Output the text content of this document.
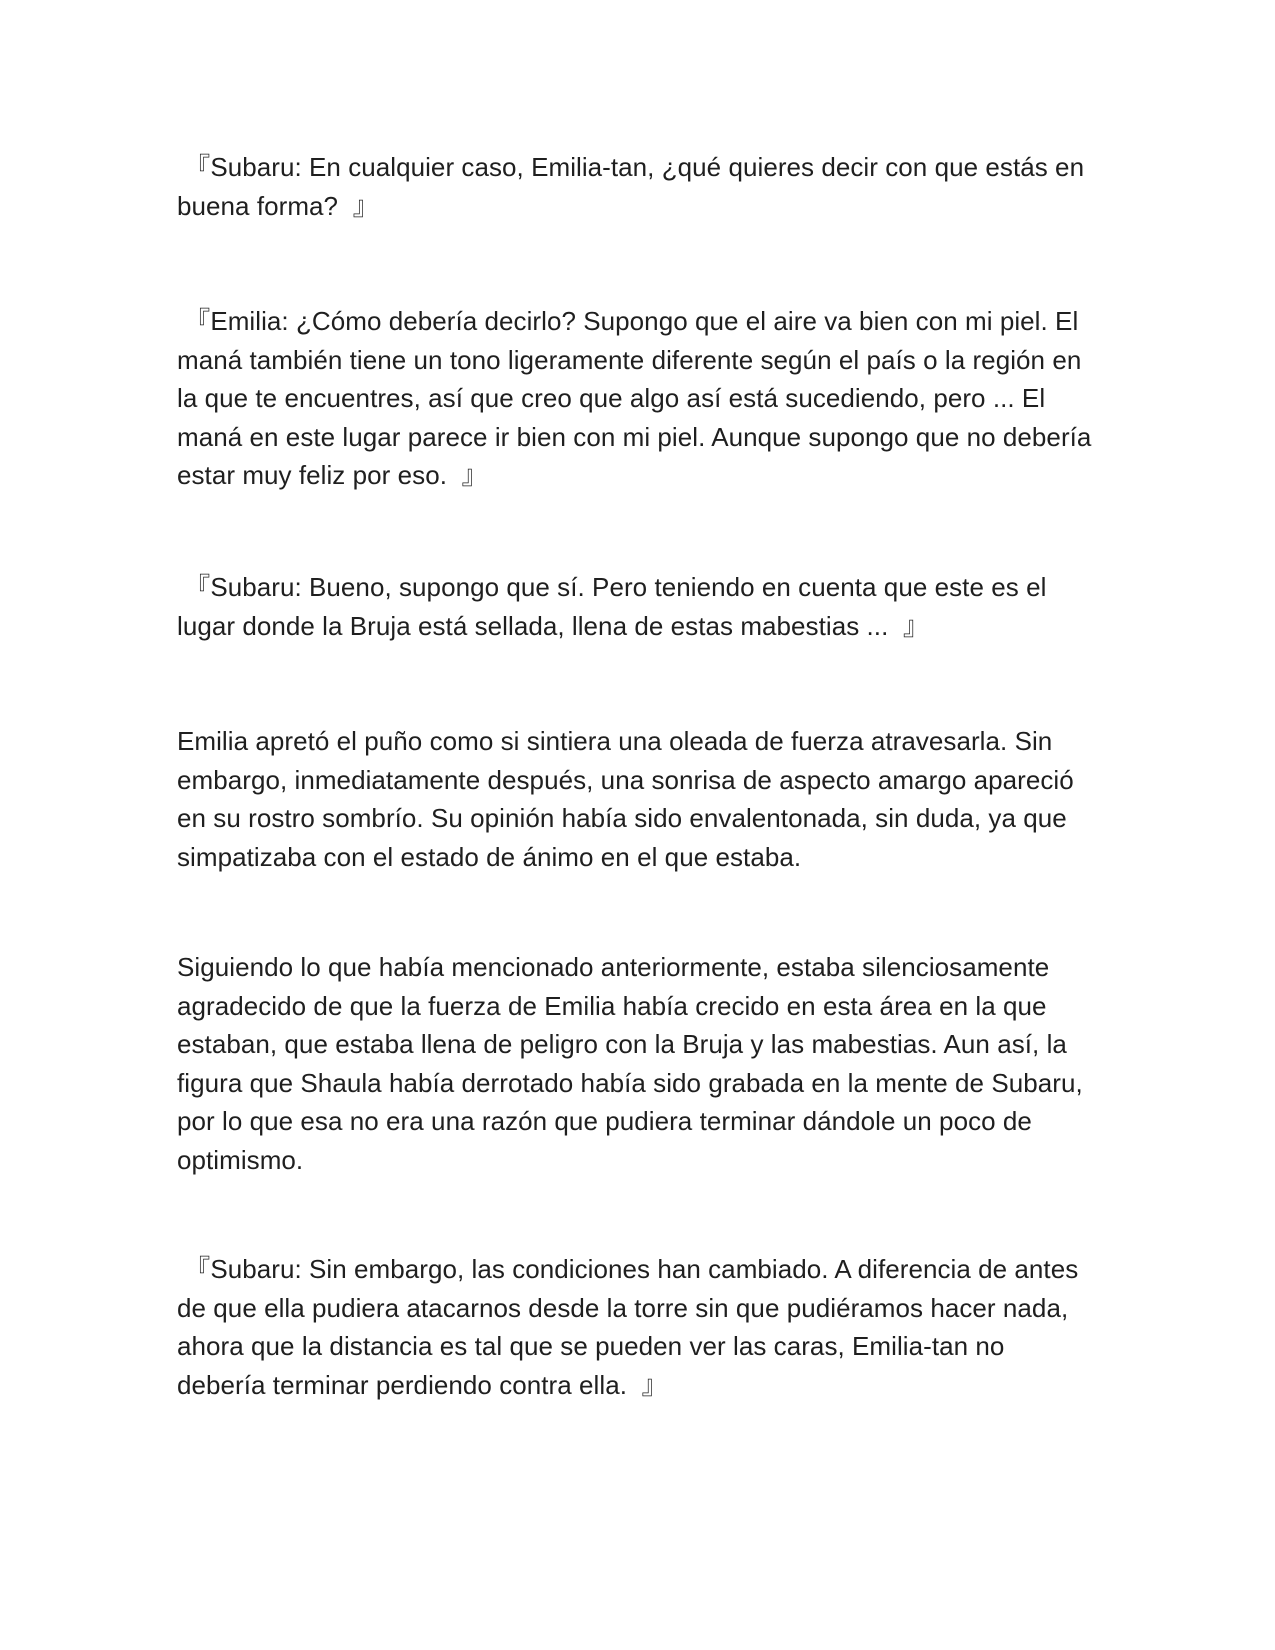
『Subaru: En cualquier caso, Emilia-tan, ¿qué quieres decir con que estás en buena forma?  』

『Emilia: ¿Cómo debería decirlo? Supongo que el aire va bien con mi piel. El maná también tiene un tono ligeramente diferente según el país o la región en la que te encuentres, así que creo que algo así está sucediendo, pero ... El maná en este lugar parece ir bien con mi piel. Aunque supongo que no debería estar muy feliz por eso.  』

『Subaru: Bueno, supongo que sí. Pero teniendo en cuenta que este es el lugar donde la Bruja está sellada, llena de estas mabestias ...  』

Emilia apretó el puño como si sintiera una oleada de fuerza atravesarla. Sin embargo, inmediatamente después, una sonrisa de aspecto amargo apareció en su rostro sombrío. Su opinión había sido envalentonada, sin duda, ya que simpatizaba con el estado de ánimo en el que estaba.

Siguiendo lo que había mencionado anteriormente, estaba silenciosamente agradecido de que la fuerza de Emilia había crecido en esta área en la que estaban, que estaba llena de peligro con la Bruja y las mabestias. Aun así, la figura que Shaula había derrotado había sido grabada en la mente de Subaru, por lo que esa no era una razón que pudiera terminar dándole un poco de optimismo.

『Subaru: Sin embargo, las condiciones han cambiado. A diferencia de antes de que ella pudiera atacarnos desde la torre sin que pudiéramos hacer nada, ahora que la distancia es tal que se pueden ver las caras, Emilia-tan no debería terminar perdiendo contra ella.  』
